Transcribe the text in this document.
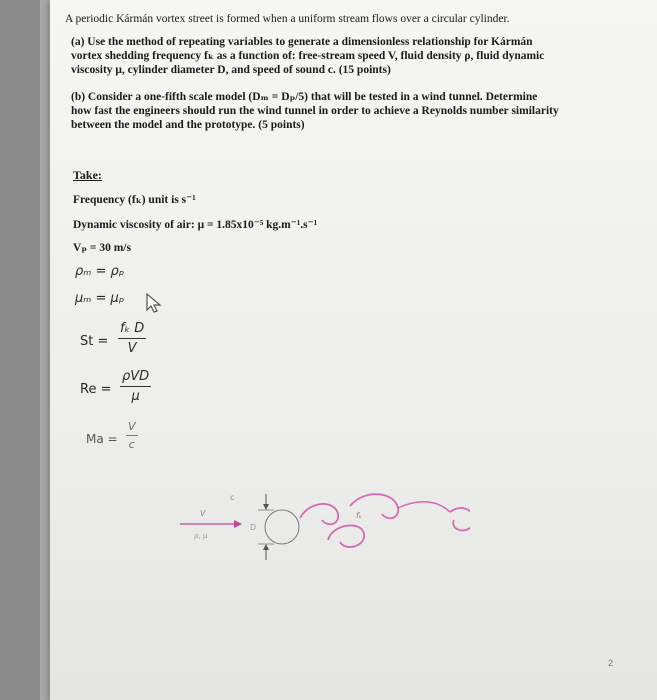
A periodic Kármán vortex street is formed when a uniform stream flows over a circular cylinder.
(a) Use the method of repeating variables to generate a dimensionless relationship for Kármán
vortex shedding frequency fₖ as a function of: free-stream speed V, fluid density ρ, fluid dynamic
viscosity μ, cylinder diameter D, and speed of sound c. (15 points)
(b) Consider a one-fifth scale model (Dₘ = Dₚ/5) that will be tested in a wind tunnel. Determine
how fast the engineers should run the wind tunnel in order to achieve a Reynolds number similarity
between the model and the prototype. (5 points)
Take:
Frequency (fₖ) unit is s⁻¹
Dynamic viscosity of air: μ = 1.85x10⁻⁵ kg.m⁻¹.s⁻¹
Vₚ = 30 m/s
ρₘ = ρₚ
μₘ = μₚ
St =
fₖ D
V
Re =
ρVD
μ
Ma =
V
c
c
V
ρ, μ
D
fₖ
2
